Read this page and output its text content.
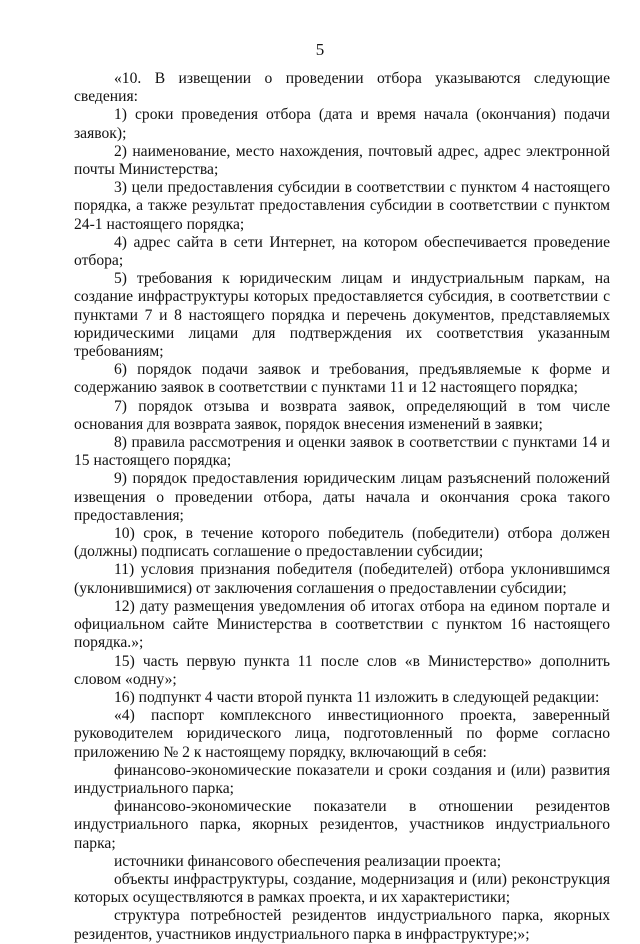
5

«10. В извещении о проведении отбора указываются следующие сведения:

1) сроки проведения отбора (дата и время начала (окончания) подачи заявок);

2) наименование, место нахождения, почтовый адрес, адрес электронной почты Министерства;

3) цели предоставления субсидии в соответствии с пунктом 4 настоящего порядка, а также результат предоставления субсидии в соответствии с пунктом 24-1 настоящего порядка;

4) адрес сайта в сети Интернет, на котором обеспечивается проведение отбора;

5) требования к юридическим лицам и индустриальным паркам, на создание инфраструктуры которых предоставляется субсидия, в соответствии с пунктами 7 и 8 настоящего порядка и перечень документов, представляемых юридическими лицами для подтверждения их соответствия указанным требованиям;

6) порядок подачи заявок и требования, предъявляемые к форме и содержанию заявок в соответствии с пунктами 11 и 12 настоящего порядка;

7) порядок отзыва и возврата заявок, определяющий в том числе основания для возврата заявок, порядок внесения изменений в заявки;

8) правила рассмотрения и оценки заявок в соответствии с пунктами 14 и 15 настоящего порядка;

9) порядок предоставления юридическим лицам разъяснений положений извещения о проведении отбора, даты начала и окончания срока такого предоставления;

10) срок, в течение которого победитель (победители) отбора должен (должны) подписать соглашение о предоставлении субсидии;

11) условия признания победителя (победителей) отбора уклонившимся (уклонившимися) от заключения соглашения о предоставлении субсидии;

12) дату размещения уведомления об итогах отбора на едином портале и официальном сайте Министерства в соответствии с пунктом 16 настоящего порядка.»;

15) часть первую пункта 11 после слов «в Министерство» дополнить словом «одну»;

16) подпункт 4 части второй пункта 11 изложить в следующей редакции:

«4) паспорт комплексного инвестиционного проекта, заверенный руководителем юридического лица, подготовленный по форме согласно приложению № 2 к настоящему порядку, включающий в себя:

финансово-экономические показатели и сроки создания и (или) развития индустриального парка;

финансово-экономические показатели в отношении резидентов индустриального парка, якорных резидентов, участников индустриального парка;

источники финансового обеспечения реализации проекта;

объекты инфраструктуры, создание, модернизация и (или) реконструкция которых осуществляются в рамках проекта, и их характеристики;

структура потребностей резидентов индустриального парка, якорных резидентов, участников индустриального парка в инфраструктуре;»;
